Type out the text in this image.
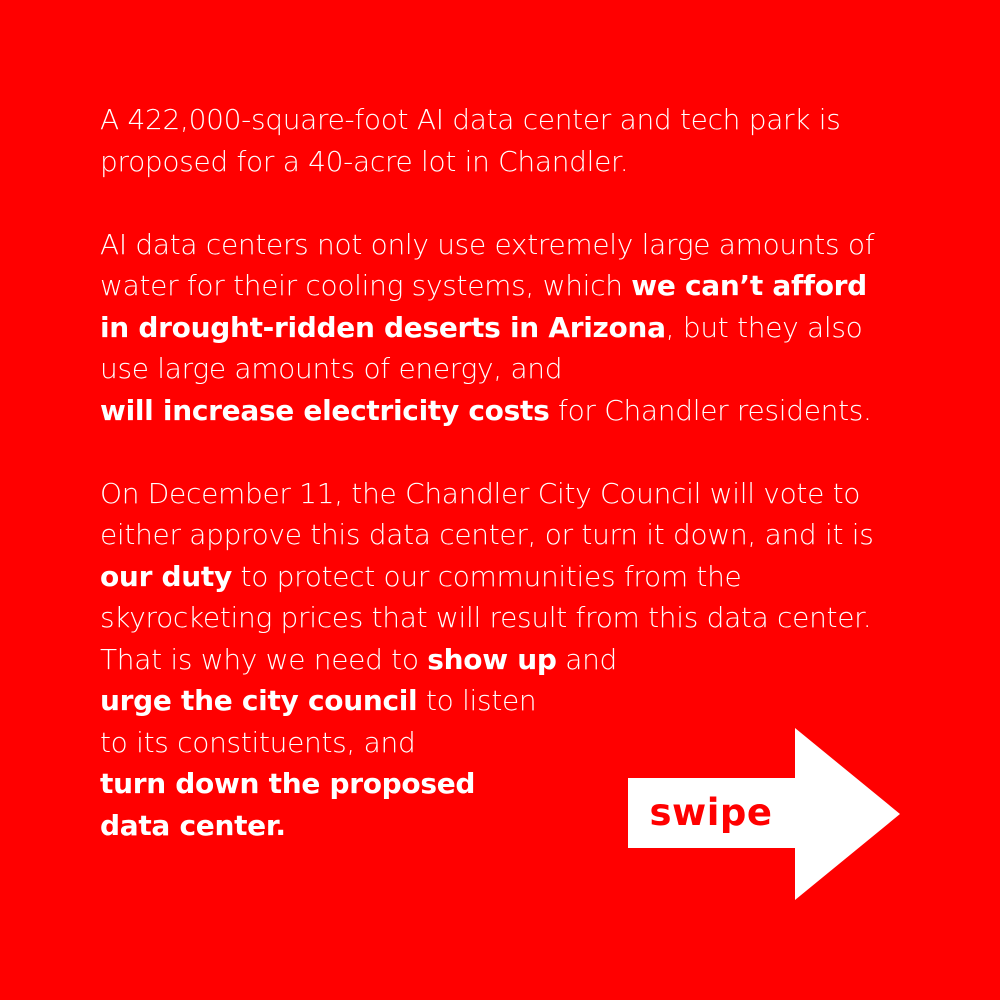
A 422,000-square-foot AI data center and tech park is
proposed for a 40-acre lot in Chandler.
AI data centers not only use extremely large amounts of
water for their cooling systems, which we can’t afford
in drought-ridden deserts in Arizona, but they also
use large amounts of energy, and
will increase electricity costs for Chandler residents.
On December 11, the Chandler City Council will vote to
either approve this data center, or turn it down, and it is
our duty to protect our communities from the
skyrocketing prices that will result from this data center.
That is why we need to show up and
urge the city council to listen
to its constituents, and
turn down the proposed
data center.	swipe
